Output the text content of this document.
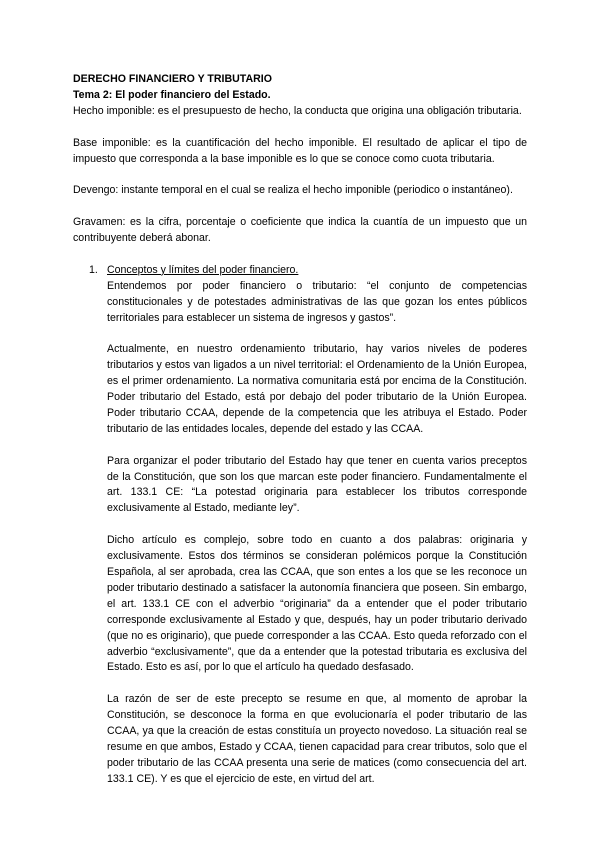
DERECHO FINANCIERO Y TRIBUTARIO

Tema 2: El poder financiero del Estado.

Hecho imponible: es el presupuesto de hecho, la conducta que origina una obligación tributaria.

Base imponible: es la cuantificación del hecho imponible. El resultado de aplicar el tipo de impuesto que corresponda a la base imponible es lo que se conoce como cuota tributaria.

Devengo: instante temporal en el cual se realiza el hecho imponible (periodico o instantáneo).

Gravamen: es la cifra, porcentaje o coeficiente que indica la cuantía de un impuesto que un contribuyente deberá abonar.

1. Conceptos y límites del poder financiero.

Entendemos por poder financiero o tributario: “el conjunto de competencias constitucionales y de potestades administrativas de las que gozan los entes públicos territoriales para establecer un sistema de ingresos y gastos”.

Actualmente, en nuestro ordenamiento tributario, hay varios niveles de poderes tributarios y estos van ligados a un nivel territorial: el Ordenamiento de la Unión Europea, es el primer ordenamiento. La normativa comunitaria está por encima de la Constitución. Poder tributario del Estado, está por debajo del poder tributario de la Unión Europea. Poder tributario CCAA, depende de la competencia que les atribuya el Estado. Poder tributario de las entidades locales, depende del estado y las CCAA.

Para organizar el poder tributario del Estado hay que tener en cuenta varios preceptos de la Constitución, que son los que marcan este poder financiero. Fundamentalmente el art. 133.1 CE: “La potestad originaria para establecer los tributos corresponde exclusivamente al Estado, mediante ley”.

Dicho artículo es complejo, sobre todo en cuanto a dos palabras: originaria y exclusivamente. Estos dos términos se consideran polémicos porque la Constitución Española, al ser aprobada, crea las CCAA, que son entes a los que se les reconoce un poder tributario destinado a satisfacer la autonomía financiera que poseen. Sin embargo, el art. 133.1 CE con el adverbio “originaria” da a entender que el poder tributario corresponde exclusivamente al Estado y que, después, hay un poder tributario derivado (que no es originario), que puede corresponder a las CCAA. Esto queda reforzado con el adverbio “exclusivamente”, que da a entender que la potestad tributaria es exclusiva del Estado. Esto es así, por lo que el artículo ha quedado desfasado.

La razón de ser de este precepto se resume en que, al momento de aprobar la Constitución, se desconoce la forma en que evolucionaría el poder tributario de las CCAA, ya que la creación de estas constituía un proyecto novedoso. La situación real se resume en que ambos, Estado y CCAA, tienen capacidad para crear tributos, solo que el poder tributario de las CCAA presenta una serie de matices (como consecuencia del art. 133.1 CE). Y es que el ejercicio de este, en virtud del art.
